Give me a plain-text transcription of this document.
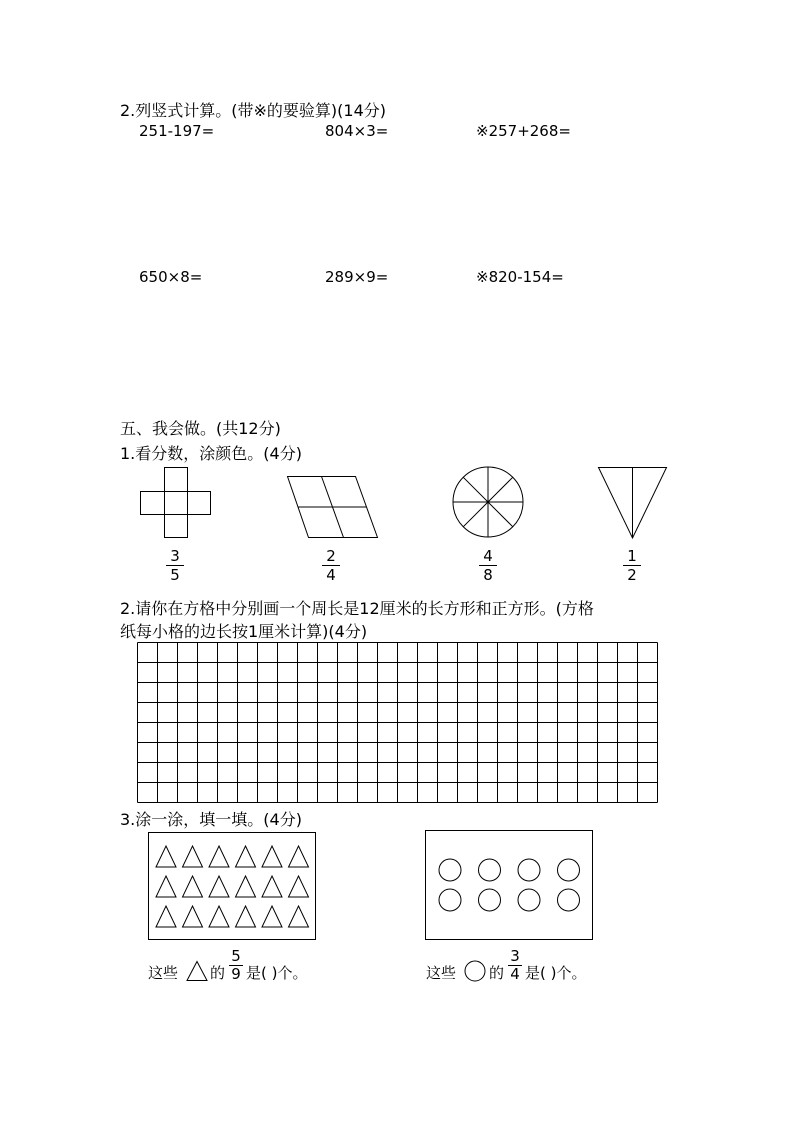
2.列竖式计算。(带※的要验算)(14分)
251-197=	804×3=	※257+268=
650×8=	289×9=	※820-154=
五、我会做。(共12分)
1.看分数，涂颜色。(4分)
3
5
2
4
4
8
1
2
2.请你在方格中分别画一个周长是12厘米的长方形和正方形。(方格
纸每小格的边长按1厘米计算)(4分)
3.涂一涂，填一填。(4分)
这些 的
5
9 是( )个。	这些 的
3
4 是( )个。
